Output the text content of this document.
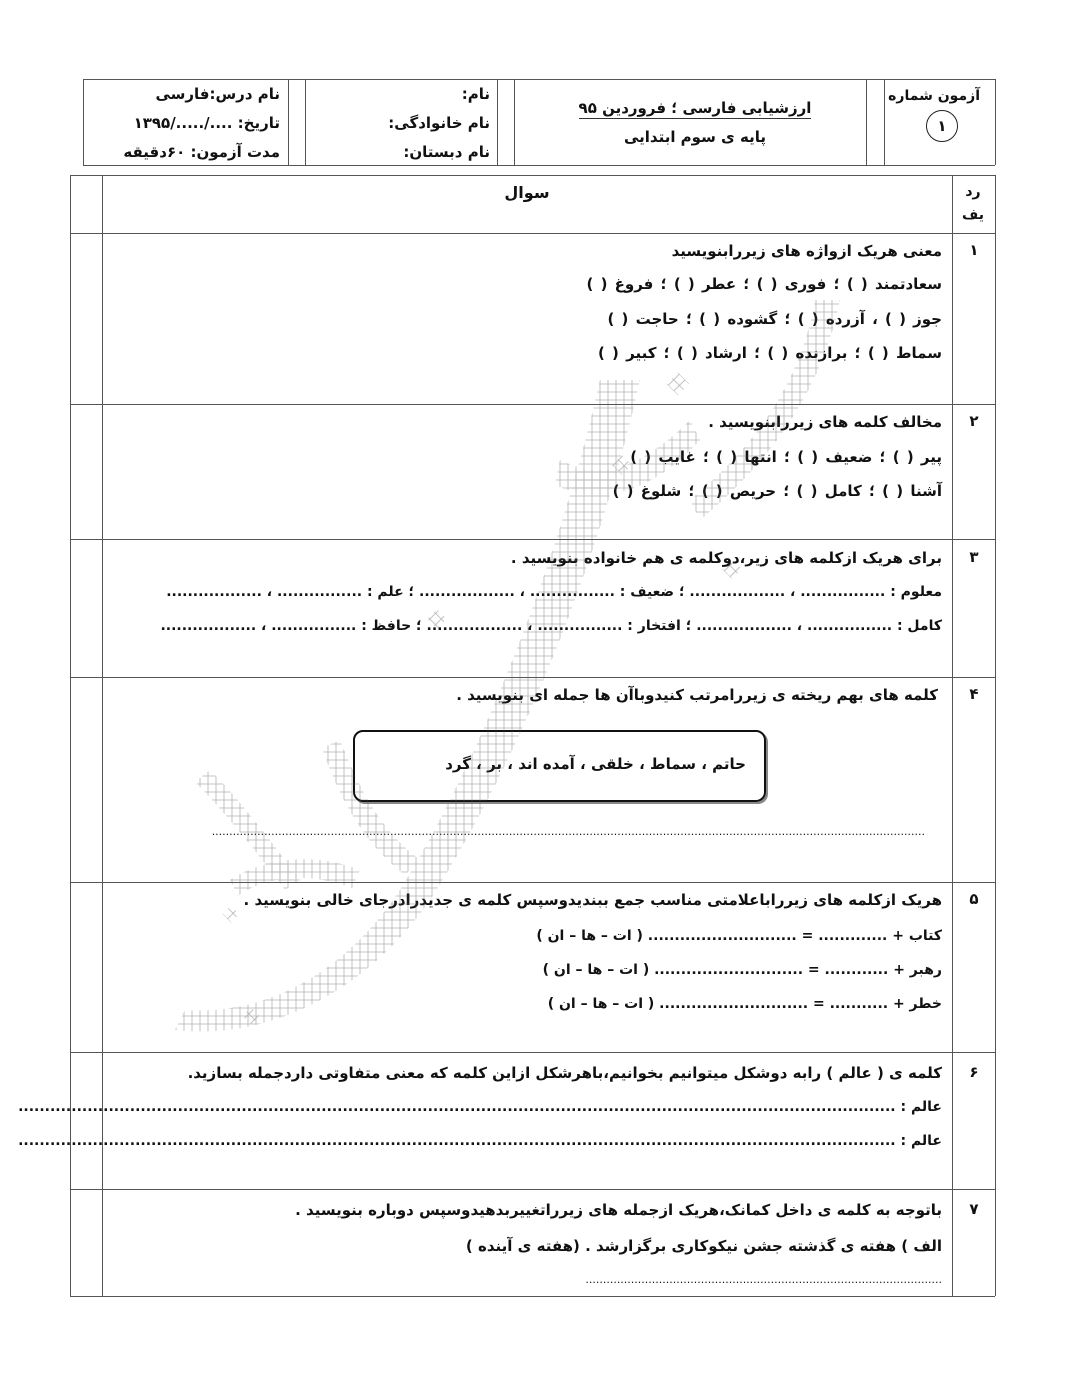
آزمون شماره
۱
ارزشیابی فارسی ؛ فروردین ۹۵
پایه ی سوم ابتدایی
نام:
نام خانوادگی:
نام دبستان:
نام درس:فارسی
تاریخ: ..../...../۱۳۹۵
مدت آزمون: ۶۰دقیقه
رد
یف
سوال
۱
معنی هریک ازواژه های زیررابنویسید
سعادتمند ( ) ؛ فوری ( ) ؛ عطر ( ) ؛ فروغ ( )
جوز ( ) ، آزرده ( ) ؛ گشوده ( ) ؛ حاجت ( )
سماط ( ) ؛ برازنده ( ) ؛ ارشاد ( ) ؛ کبیر ( )
۲
مخالف کلمه های زیررابنویسید .
پیر ( ) ؛ ضعیف ( ) ؛ انتها ( ) ؛ غایب ( )
آشنا ( ) ؛ کامل ( ) ؛ حریص ( ) ؛ شلوغ ( )
۳
برای هریک ازکلمه های زیر،دوکلمه ی هم خانواده بنویسید .
معلوم : ................ ، .................. ؛ ضعیف : ................ ، .................. ؛ علم : ................ ، ..................
کامل : ................ ، .................. ؛ افتخار : ................ ، .................. ؛ حافظ : ................ ، ..................
۴
کلمه های بهم ریخته ی زیررامرتب کنیدوباآن ها جمله ای بنویسید .
حاتم ، سماط ، خلقی ، آمده اند ، بر ، گرد
............................................................................................................................................................................................................
۵
هریک ازکلمه های زیرراباعلامتی مناسب جمع ببندیدوسپس کلمه ی جدیدرادرجای خالی بنویسید .
کتاب + ............. = ............................ ( ات – ها – ان )
رهبر + ............ = ............................ ( ات – ها – ان )
خطر + ........... = ............................ ( ات – ها – ان )
۶
کلمه ی ( عالم ) رابه دوشکل میتوانیم بخوانیم،باهرشکل ازاین کلمه که معنی متفاوتی داردجمله بسازید.
عالم : .....................................................................................................................................................................
عالم : .....................................................................................................................................................................
۷
باتوجه به کلمه ی داخل کمانک،هریک ازجمله های زیرراتغییربدهیدوسپس دوباره بنویسید .
الف ) هفته ی گذشته جشن نیکوکاری برگزارشد . (هفته ی آینده )
......................................................................................................
